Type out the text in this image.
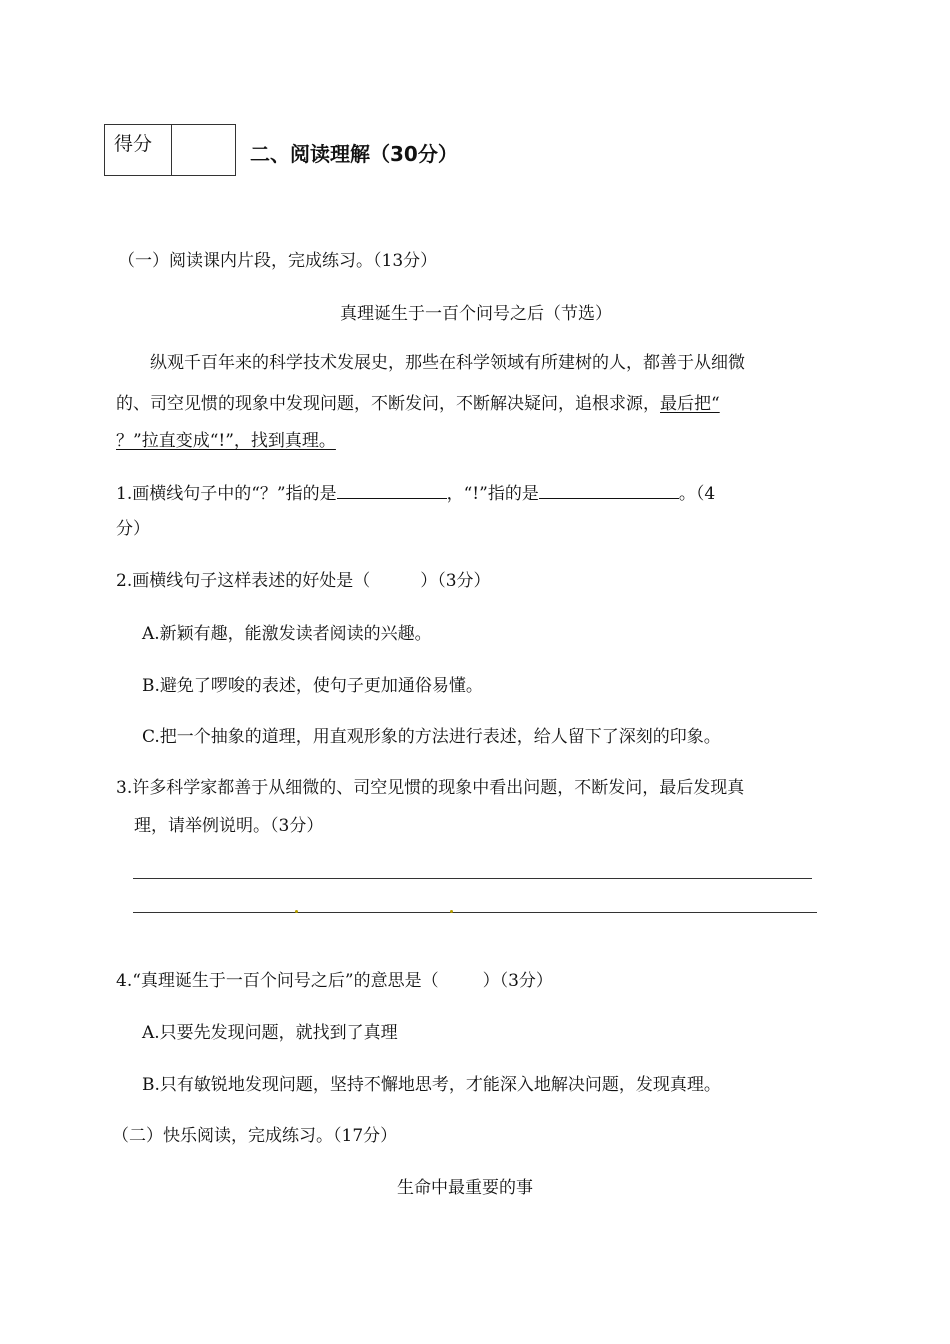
得分	二、阅读理解（30分）
（一）阅读课内片段，完成练习。（13分）
真理诞生于一百个问号之后（节选）
纵观千百年来的科学技术发展史，那些在科学领域有所建树的人，都善于从细微
的、司空见惯的现象中发现问题，不断发问，不断解决疑问，追根求源，最后把“
？”拉直变成“!”，找到真理。
1.画横线句子中的“？”指的是	，“!”指的是	。（4
分）
2.画横线句子这样表述的好处是（	）（3分）
A.新颖有趣，能激发读者阅读的兴趣。
B.避免了啰唆的表述，使句子更加通俗易懂。
C.把一个抽象的道理，用直观形象的方法进行表述，给人留下了深刻的印象。
3.许多科学家都善于从细微的、司空见惯的现象中看出问题，不断发问，最后发现真
理，请举例说明。（3分）
4.“真理诞生于一百个问号之后”的意思是（	）（3分）
A.只要先发现问题，就找到了真理
B.只有敏锐地发现问题，坚持不懈地思考，才能深入地解决问题，发现真理。
（二）快乐阅读，完成练习。（17分）
生命中最重要的事
